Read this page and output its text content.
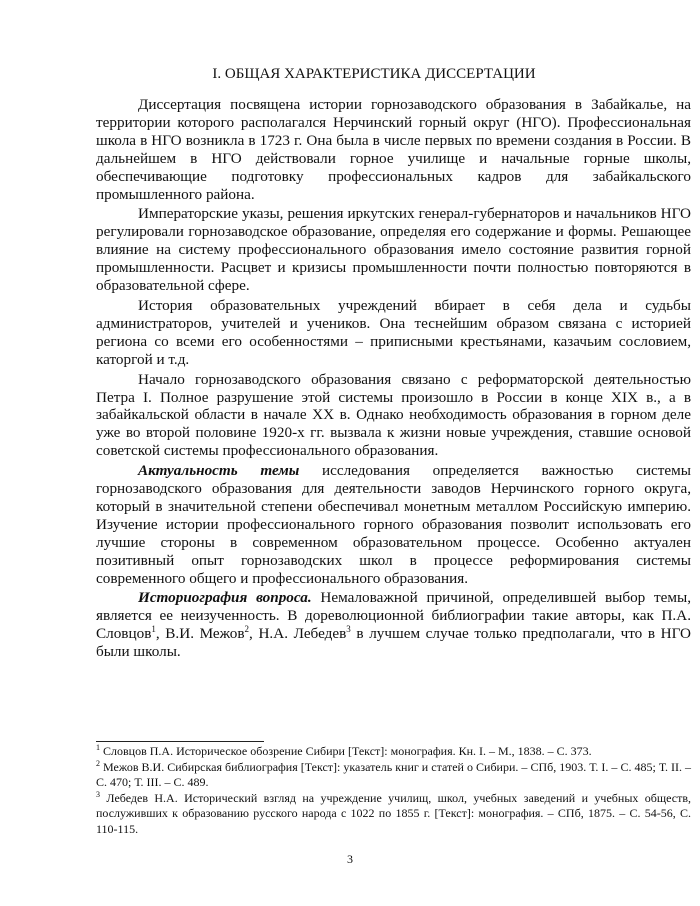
I. ОБЩАЯ ХАРАКТЕРИСТИКА ДИССЕРТАЦИИ

Диссертация посвящена истории горнозаводского образования в Забайкалье, на территории которого располагался Нерчинский горный округ (НГО). Профессиональная школа в НГО возникла в 1723 г. Она была в числе первых по времени создания в России. В дальнейшем в НГО действовали горное училище и начальные горные школы, обеспечивающие подготовку профессиональных кадров для забайкальского промышленного района.

Императорские указы, решения иркутских генерал-губернаторов и начальников НГО регулировали горнозаводское образование, определяя его содержание и формы. Решающее влияние на систему профессионального образования имело состояние развития горной промышленности. Расцвет и кризисы промышленности почти полностью повторяются в образовательной сфере.

История образовательных учреждений вбирает в себя дела и судьбы администраторов, учителей и учеников. Она теснейшим образом связана с историей региона со всеми его особенностями – приписными крестьянами, казачьим сословием, каторгой и т.д.

Начало горнозаводского образования связано с реформаторской деятельностью Петра I. Полное разрушение этой системы произошло в России в конце XIX в., а в забайкальской области в начале XX в. Однако необходимость образования в горном деле уже во второй половине 1920-х гг. вызвала к жизни новые учреждения, ставшие основой советской системы профессионального образования.

Актуальность темы исследования определяется важностью системы горнозаводского образования для деятельности заводов Нерчинского горного округа, который в значительной степени обеспечивал монетным металлом Российскую империю. Изучение истории профессионального горного образования позволит использовать его лучшие стороны в современном образовательном процессе. Особенно актуален позитивный опыт горнозаводских школ в процессе реформирования системы современного общего и профессионального образования.

Историография вопроса. Немаловажной причиной, определившей выбор темы, является ее неизученность. В дореволюционной библиографии такие авторы, как П.А. Словцов$^1$, В.И. Межов$^2$, Н.А. Лебедев$^3$ в лучшем случае только предполагали, что в НГО были школы.

$^1$ Словцов П.А. Историческое обозрение Сибири [Текст]: монография. Кн. I. – М., 1838. – С. 373.

$^2$ Межов В.И. Сибирская библиография [Текст]: указатель книг и статей о Сибири. – СПб, 1903. Т. I. – С. 485; Т. II. – С. 470; Т. III. – С. 489.

$^3$ Лебедев Н.А. Исторический взгляд на учреждение училищ, школ, учебных заведений и учебных обществ, послуживших к образованию русского народа с 1022 по 1855 г. [Текст]: монография. – СПб, 1875. – С. 54-56, С. 110-115.

3
